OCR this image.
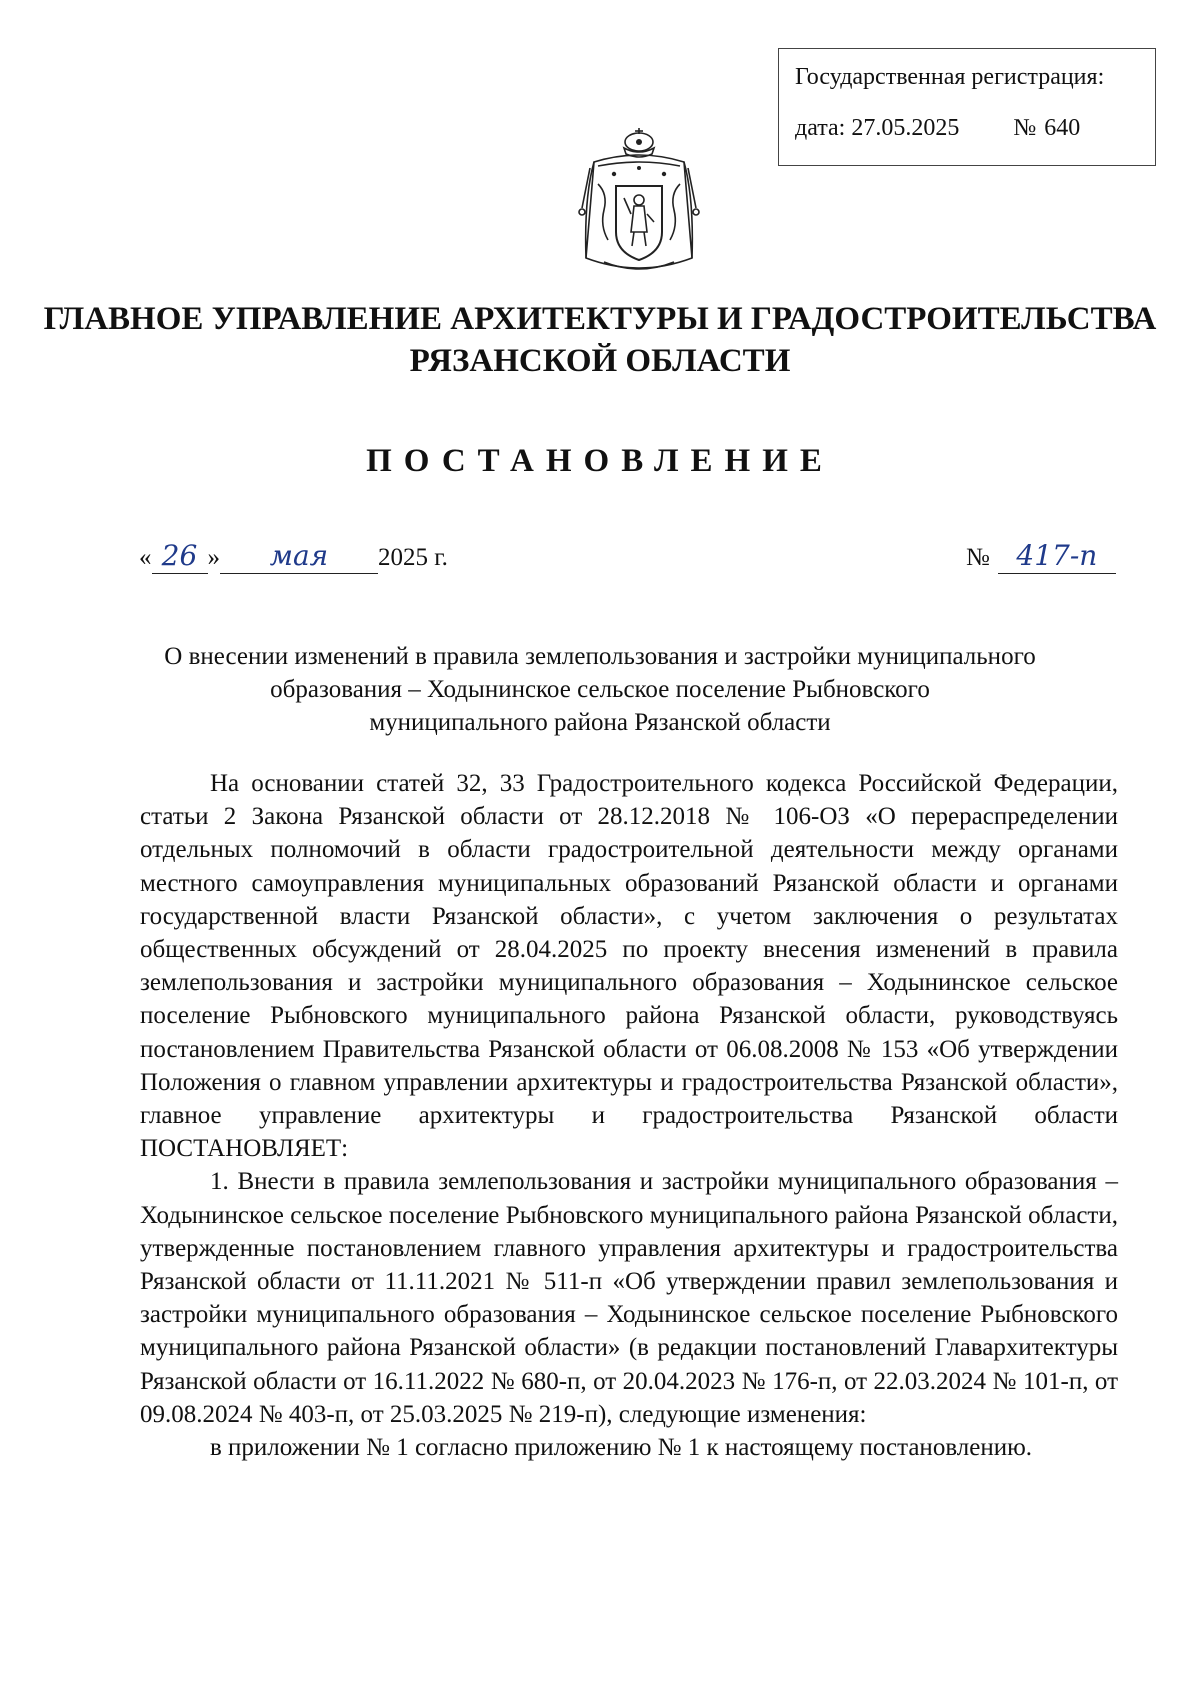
Государственная регистрация:
дата: 27.05.2025 № 640
ГЛАВНОЕ УПРАВЛЕНИЕ АРХИТЕКТУРЫ И ГРАДОСТРОИТЕЛЬСТВА
РЯЗАНСКОЙ ОБЛАСТИ
ПОСТАНОВЛЕНИЕ
« 26 » мая 2025 г.	№ 417-п
О внесении изменений в правила землепользования и застройки муниципального
образования – Ходынинское сельское поселение Рыбновского
муниципального района Рязанской области

На основании статей 32, 33 Градостроительного кодекса Российской Федерации, статьи 2 Закона Рязанской области от 28.12.2018 № 106-ОЗ «О перераспределении отдельных полномочий в области градостроительной деятельности между органами местного самоуправления муниципальных образований Рязанской области и органами государственной власти Рязанской области», с учетом заключения о результатах общественных обсуждений от 28.04.2025 по проекту внесения изменений в правила землепользования и застройки муниципального образования – Ходынинское сельское поселение Рыбновского муниципального района Рязанской области, руководствуясь постановлением Правительства Рязанской области от 06.08.2008 № 153 «Об утверждении Положения о главном управлении архитектуры и градостроительства Рязанской области», главное управление архитектуры и градостроительства Рязанской области ПОСТАНОВЛЯЕТ:

1. Внести в правила землепользования и застройки муниципального образования – Ходынинское сельское поселение Рыбновского муниципального района Рязанской области, утвержденные постановлением главного управления архитектуры и градостроительства Рязанской области от 11.11.2021 № 511-п «Об утверждении правил землепользования и застройки муниципального образования – Ходынинское сельское поселение Рыбновского муниципального района Рязанской области» (в редакции постановлений Главархитектуры Рязанской области от 16.11.2022 № 680-п, от 20.04.2023 № 176-п, от 22.03.2024 № 101-п, от 09.08.2024 № 403-п, от 25.03.2025 № 219-п), следующие изменения:

в приложении № 1 согласно приложению № 1 к настоящему постановлению.
